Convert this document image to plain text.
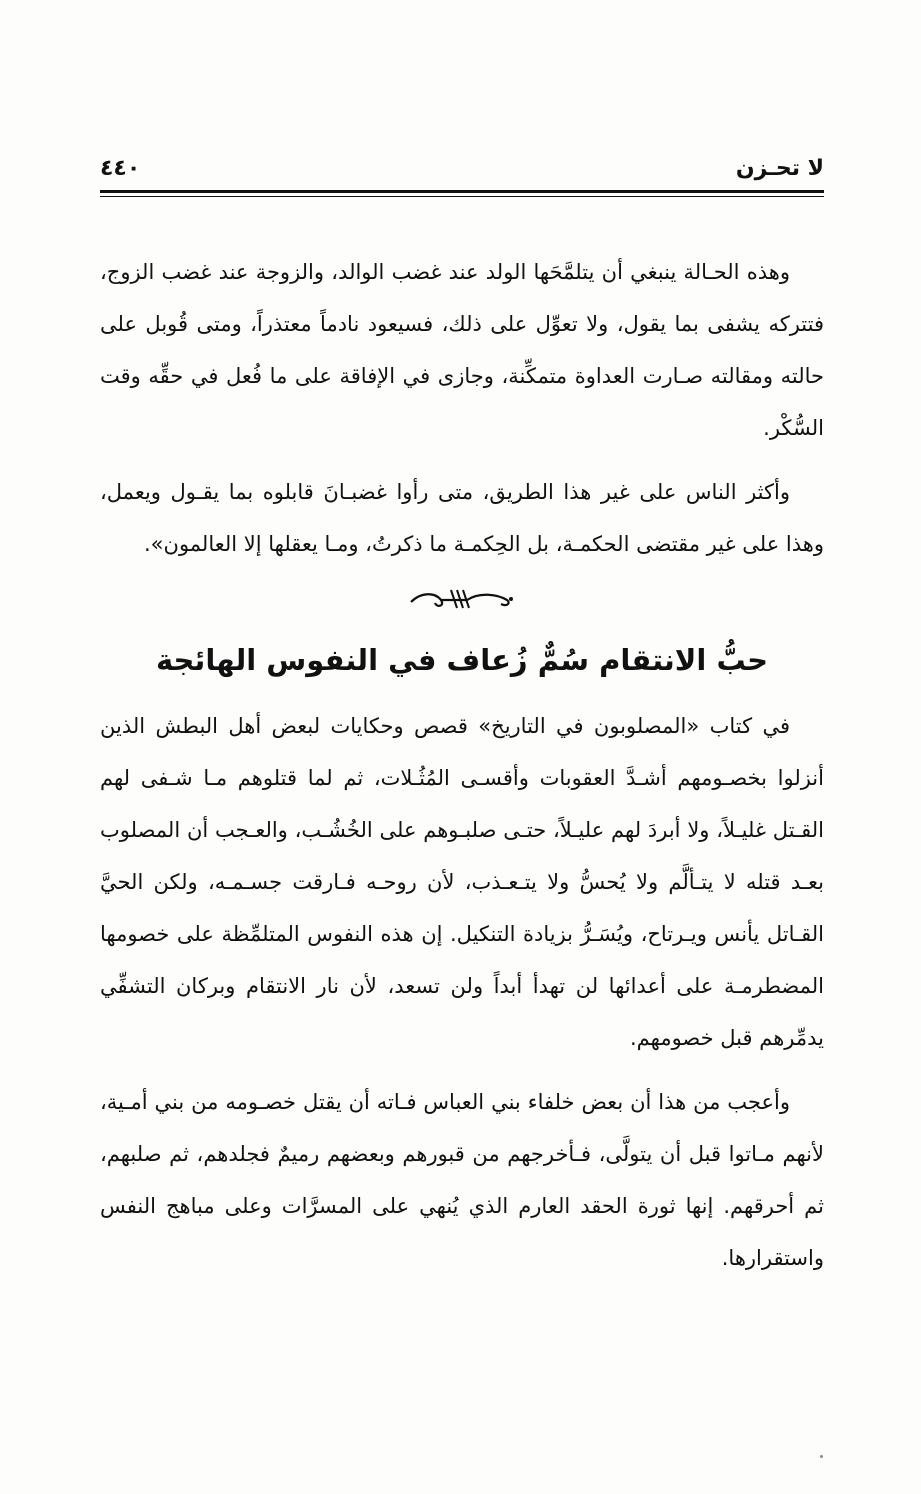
لا تحـزن
٤٤٠

وهذه الحـالة ينبغي أن يتلمَّحَها الولد عند غضب الوالد، والزوجة عند غضب الزوج، فتتركه يشفى بما يقول، ولا تعوِّل على ذلك، فسيعود نادماً معتذراً، ومتى قُوبل على حالته ومقالته صـارت العداوة متمكِّنة، وجازى في الإفاقة على ما فُعل في حقِّه وقت السُّكْر.

وأكثر الناس على غير هذا الطريق، متى رأوا غضبـانَ قابلوه بما يقـول ويعمل، وهذا على غير مقتضى الحكمـة، بل الحِكمـة ما ذكرتُ، ومـا يعقلها إلا العالمون».

حبُّ الانتقام سُمٌّ زُعاف في النفوس الهائجة

في كتاب «المصلوبون في التاريخ» قصص وحكايات لبعض أهل البطش الذين أنزلوا بخصـومهم أشـدَّ العقوبات وأقسـى المُثُـلات، ثم لما قتلوهم مـا شـفى لهم القـتل غليـلاً، ولا أبردَ لهم عليـلاً، حتـى صلبـوهم على الخُشُـب، والعـجب أن المصلوب بعـد قتله لا يتـألَّم ولا يُحسُّ ولا يتـعـذب، لأن روحـه فـارقت جسـمـه، ولكن الحيَّ القـاتل يأنس ويـرتاح، ويُسَـرُّ بزيادة التنكيل. إن هذه النفوس المتلمِّظة على خصومها المضطرمـة على أعدائها لن تهدأ أبداً ولن تسعد، لأن نار الانتقام وبركان التشفِّي يدمِّرهم قبل خصومهم.

وأعجب من هذا أن بعض خلفاء بني العباس فـاته أن يقتل خصـومه من بني أمـية، لأنهم مـاتوا قبل أن يتولَّى، فـأخرجهم من قبورهم وبعضهم رميمٌ فجلدهم، ثم صلبهم، ثم أحرقهم. إنها ثورة الحقد العارم الذي يُنهي على المسرَّات وعلى مباهج النفس واستقرارها.
